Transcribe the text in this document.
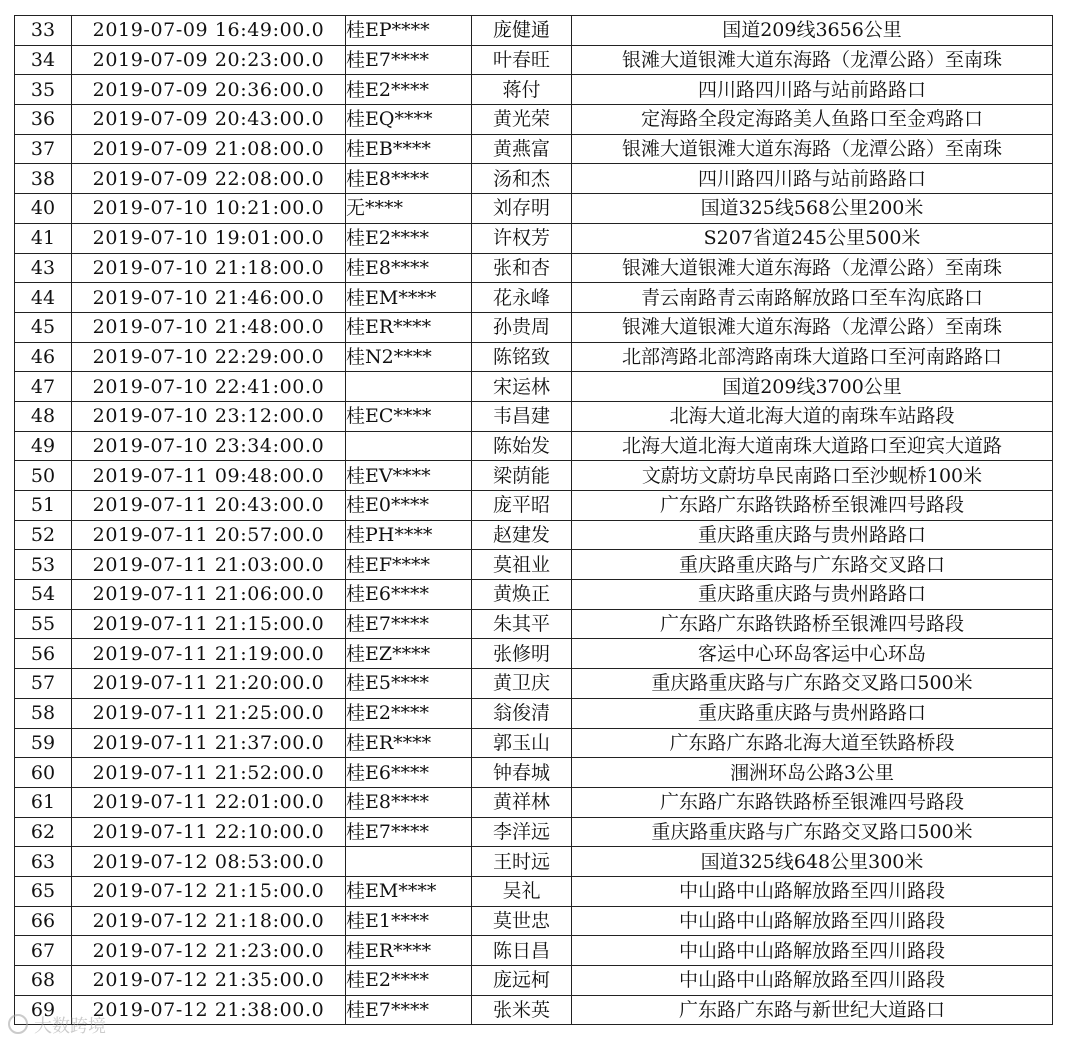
33	2019-07-09 16:49:00.0	桂EP****	庞健通	国道209线3656公里
34	2019-07-09 20:23:00.0	桂E7****	叶春旺	银滩大道银滩大道东海路（龙潭公路）至南珠
35	2019-07-09 20:36:00.0	桂E2****	蒋付	四川路四川路与站前路路口
36	2019-07-09 20:43:00.0	桂EQ****	黄光荣	定海路全段定海路美人鱼路口至金鸡路口
37	2019-07-09 21:08:00.0	桂EB****	黄燕富	银滩大道银滩大道东海路（龙潭公路）至南珠
38	2019-07-09 22:08:00.0	桂E8****	汤和杰	四川路四川路与站前路路口
40	2019-07-10 10:21:00.0	无****	刘存明	国道325线568公里200米
41	2019-07-10 19:01:00.0	桂E2****	许权芳	S207省道245公里500米
43	2019-07-10 21:18:00.0	桂E8****	张和杏	银滩大道银滩大道东海路（龙潭公路）至南珠
44	2019-07-10 21:46:00.0	桂EM****	花永峰	青云南路青云南路解放路口至车沟底路口
45	2019-07-10 21:48:00.0	桂ER****	孙贵周	银滩大道银滩大道东海路（龙潭公路）至南珠
46	2019-07-10 22:29:00.0	桂N2****	陈铭致	北部湾路北部湾路南珠大道路口至河南路路口
47	2019-07-10 22:41:00.0		宋运林	国道209线3700公里
48	2019-07-10 23:12:00.0	桂EC****	韦昌建	北海大道北海大道的南珠车站路段
49	2019-07-10 23:34:00.0		陈始发	北海大道北海大道南珠大道路口至迎宾大道路
50	2019-07-11 09:48:00.0	桂EV****	梁荫能	文蔚坊文蔚坊阜民南路口至沙蚬桥100米
51	2019-07-11 20:43:00.0	桂E0****	庞平昭	广东路广东路铁路桥至银滩四号路段
52	2019-07-11 20:57:00.0	桂PH****	赵建发	重庆路重庆路与贵州路路口
53	2019-07-11 21:03:00.0	桂EF****	莫祖业	重庆路重庆路与广东路交叉路口
54	2019-07-11 21:06:00.0	桂E6****	黄焕正	重庆路重庆路与贵州路路口
55	2019-07-11 21:15:00.0	桂E7****	朱其平	广东路广东路铁路桥至银滩四号路段
56	2019-07-11 21:19:00.0	桂EZ****	张修明	客运中心环岛客运中心环岛
57	2019-07-11 21:20:00.0	桂E5****	黄卫庆	重庆路重庆路与广东路交叉路口500米
58	2019-07-11 21:25:00.0	桂E2****	翁俊清	重庆路重庆路与贵州路路口
59	2019-07-11 21:37:00.0	桂ER****	郭玉山	广东路广东路北海大道至铁路桥段
60	2019-07-11 21:52:00.0	桂E6****	钟春城	涠洲环岛公路3公里
61	2019-07-11 22:01:00.0	桂E8****	黄祥林	广东路广东路铁路桥至银滩四号路段
62	2019-07-11 22:10:00.0	桂E7****	李洋远	重庆路重庆路与广东路交叉路口500米
63	2019-07-12 08:53:00.0		王时远	国道325线648公里300米
65	2019-07-12 21:15:00.0	桂EM****	吴礼	中山路中山路解放路至四川路段
66	2019-07-12 21:18:00.0	桂E1****	莫世忠	中山路中山路解放路至四川路段
67	2019-07-12 21:23:00.0	桂ER****	陈日昌	中山路中山路解放路至四川路段
68	2019-07-12 21:35:00.0	桂E2****	庞远柯	中山路中山路解放路至四川路段
69	2019-07-12 21:38:00.0	桂E7****	张米英	广东路广东路与新世纪大道路口
大数跨境
